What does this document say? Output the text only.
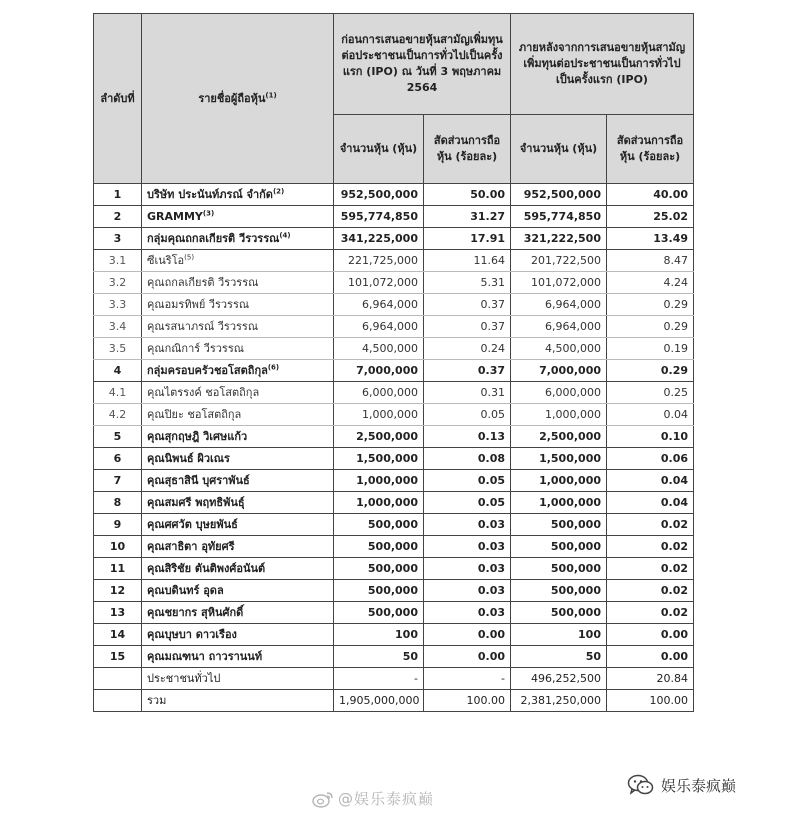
ลำดับที่	รายชื่อผู้ถือหุ้น$^{(1)}$	ก่อนการเสนอขายหุ้นสามัญเพิ่มทุนต่อประชาชนเป็นการทั่วไปเป็นครั้งแรก (IPO) ณ วันที่ 3 พฤษภาคม 2564		ภายหลังจากการเสนอขายหุ้นสามัญเพิ่มทุนต่อประชาชนเป็นการทั่วไปเป็นครั้งแรก (IPO)	
		จำนวนหุ้น (หุ้น)	สัดส่วนการถือหุ้น (ร้อยละ)	จำนวนหุ้น (หุ้น)	สัดส่วนการถือหุ้น (ร้อยละ)
1	บริษัท ประนันท์ภรณ์ จำกัด$^{(2)}$	952,500,000	50.00	952,500,000	40.00
2	GRAMMY$^{(3)}$	595,774,850	31.27	595,774,850	25.02
3	กลุ่มคุณถกลเกียรติ วีรวรรณ$^{(4)}$	341,225,000	17.91	321,222,500	13.49
3.1	ซีเนริโอ$^{(5)}$	221,725,000	11.64	201,722,500	8.47
3.2	คุณถกลเกียรติ วีรวรรณ	101,072,000	5.31	101,072,000	4.24
3.3	คุณอมรทิพย์ วีรวรรณ	6,964,000	0.37	6,964,000	0.29
3.4	คุณรสนาภรณ์ วีรวรรณ	6,964,000	0.37	6,964,000	0.29
3.5	คุณกณิการ์ วีรวรรณ	4,500,000	0.24	4,500,000	0.19
4	กลุ่มครอบครัวชอโสตถิกุล$^{(6)}$	7,000,000	0.37	7,000,000	0.29
4.1	คุณไตรรงค์ ชอโสตถิกุล	6,000,000	0.31	6,000,000	0.25
4.2	คุณปิยะ ชอโสตถิกุล	1,000,000	0.05	1,000,000	0.04
5	คุณสุกฤษฎิ วิเศษแก้ว	2,500,000	0.13	2,500,000	0.10
6	คุณนิพนธ์ ผิวเณร	1,500,000	0.08	1,500,000	0.06
7	คุณสุธาสินี บุศราพันธ์	1,000,000	0.05	1,000,000	0.04
8	คุณสมศรี พฤทธิพันธุ์	1,000,000	0.05	1,000,000	0.04
9	คุณศศวัต บุษยพันธ์	500,000	0.03	500,000	0.02
10	คุณสาธิตา อุทัยศรี	500,000	0.03	500,000	0.02
11	คุณสิริชัย ตันติพงศ์อนันต์	500,000	0.03	500,000	0.02
12	คุณบดินทร์ อุดล	500,000	0.03	500,000	0.02
13	คุณชยากร สุหินศักดิ์	500,000	0.03	500,000	0.02
14	คุณบุษบา ดาวเรือง	100	0.00	100	0.00
15	คุณมณฑนา ถาวรานนท์	50	0.00	50	0.00
	ประชาชนทั่วไป	-	-	496,252,500	20.84
	รวม	1,905,000,000	100.00	2,381,250,000	100.00
@娱乐泰疯巅
娱乐泰疯巅
